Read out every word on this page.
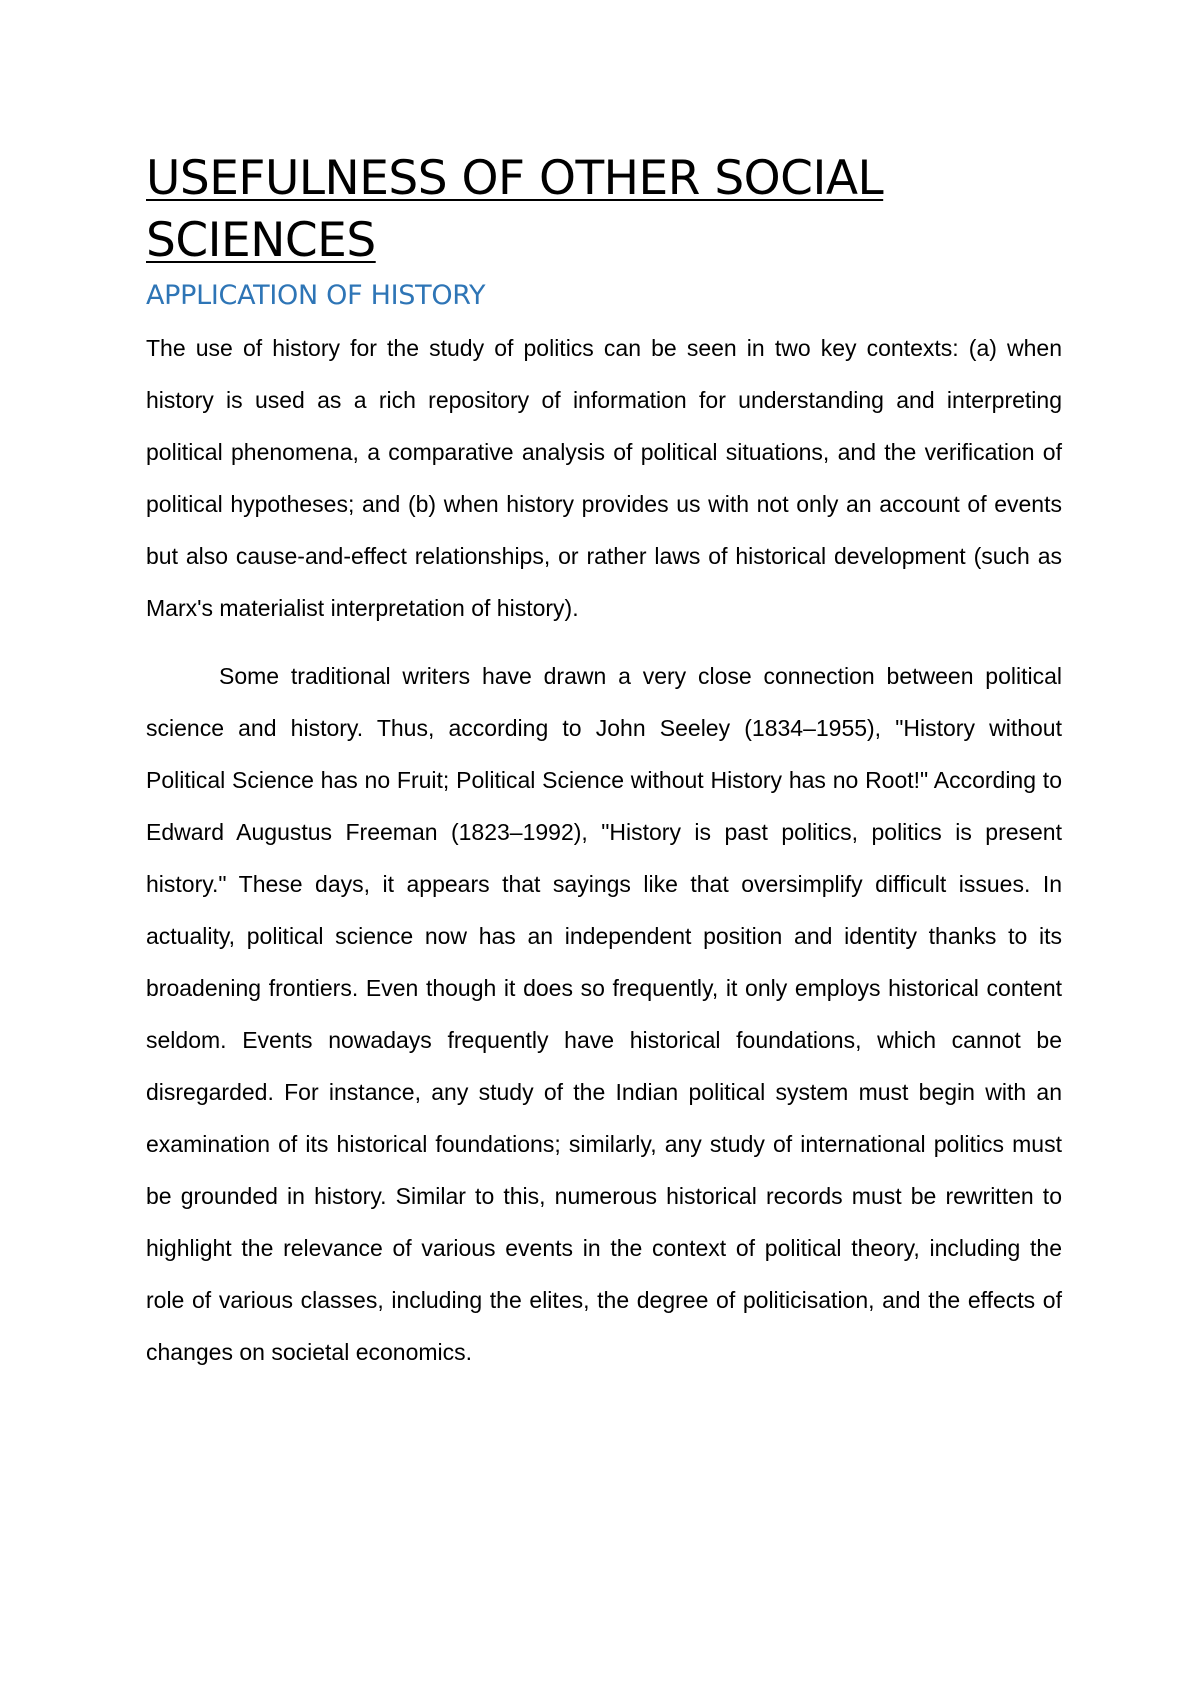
USEFULNESS OF OTHER SOCIAL SCIENCES
APPLICATION OF HISTORY

The use of history for the study of politics can be seen in two key contexts: (a) when history is used as a rich repository of information for understanding and interpreting political phenomena, a comparative analysis of political situations, and the verification of political hypotheses; and (b) when history provides us with not only an account of events but also cause-and-effect relationships, or rather laws of historical development (such as Marx's materialist interpretation of history).

Some traditional writers have drawn a very close connection between political science and history. Thus, according to John Seeley (1834–1955), "History without Political Science has no Fruit; Political Science without History has no Root!" According to Edward Augustus Freeman (1823–1992), "History is past politics, politics is present history." These days, it appears that sayings like that oversimplify difficult issues. In actuality, political science now has an independent position and identity thanks to its broadening frontiers. Even though it does so frequently, it only employs historical content seldom. Events nowadays frequently have historical foundations, which cannot be disregarded. For instance, any study of the Indian political system must begin with an examination of its historical foundations; similarly, any study of international politics must be grounded in history. Similar to this, numerous historical records must be rewritten to highlight the relevance of various events in the context of political theory, including the role of various classes, including the elites, the degree of politicisation, and the effects of changes on societal economics.
